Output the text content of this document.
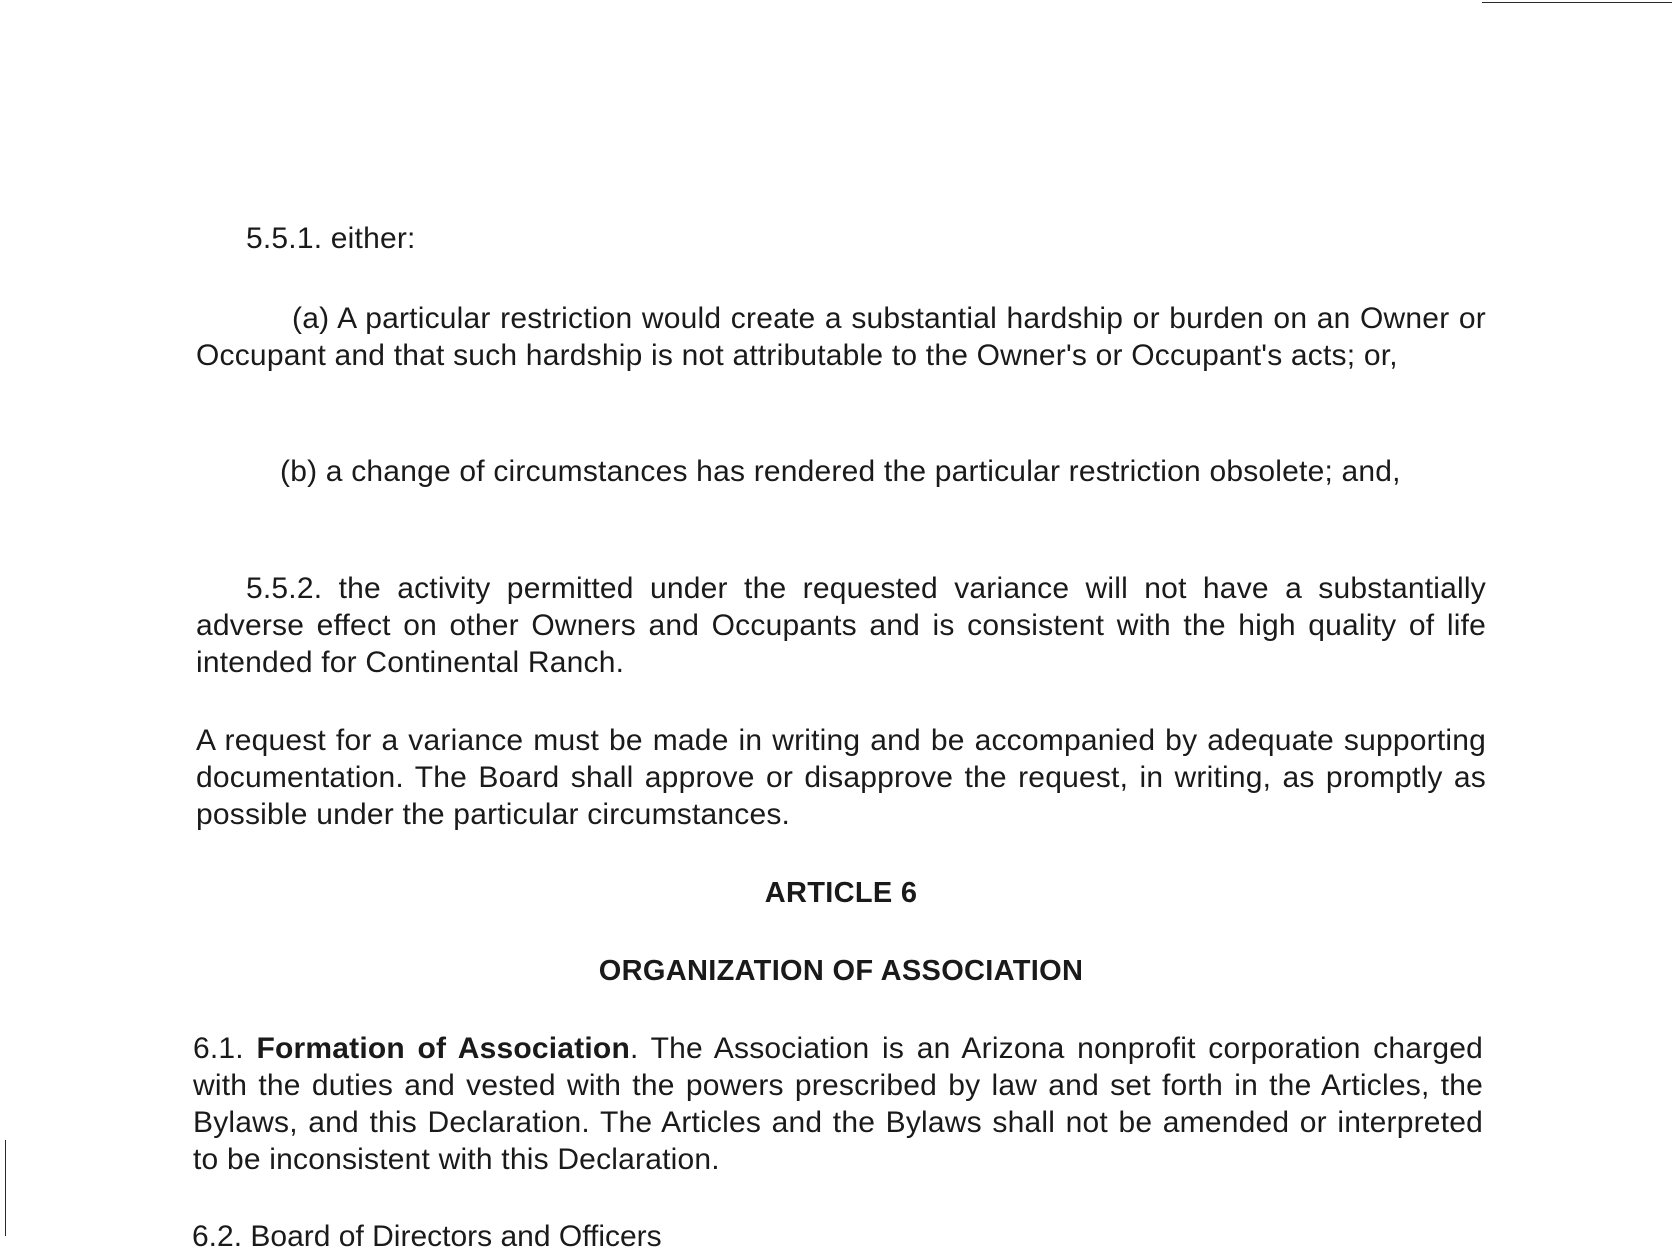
5.5.1. either:

(a) A particular restriction would create a substantial hardship or burden on an Owner or Occupant and that such hardship is not attributable to the Owner's or Occupant's acts; or,

(b) a change of circumstances has rendered the particular restriction obsolete; and,

5.5.2. the activity permitted under the requested variance will not have a substantially adverse effect on other Owners and Occupants and is consistent with the high quality of life intended for Continental Ranch.

A request for a variance must be made in writing and be accompanied by adequate supporting documentation. The Board shall approve or disapprove the request, in writing, as promptly as possible under the particular circumstances.

ARTICLE 6

ORGANIZATION OF ASSOCIATION

6.1. Formation of Association. The Association is an Arizona nonprofit corporation charged with the duties and vested with the powers prescribed by law and set forth in the Articles, the Bylaws, and this Declaration. The Articles and the Bylaws shall not be amended or interpreted to be inconsistent with this Declaration.

6.2. Board of Directors and Officers
